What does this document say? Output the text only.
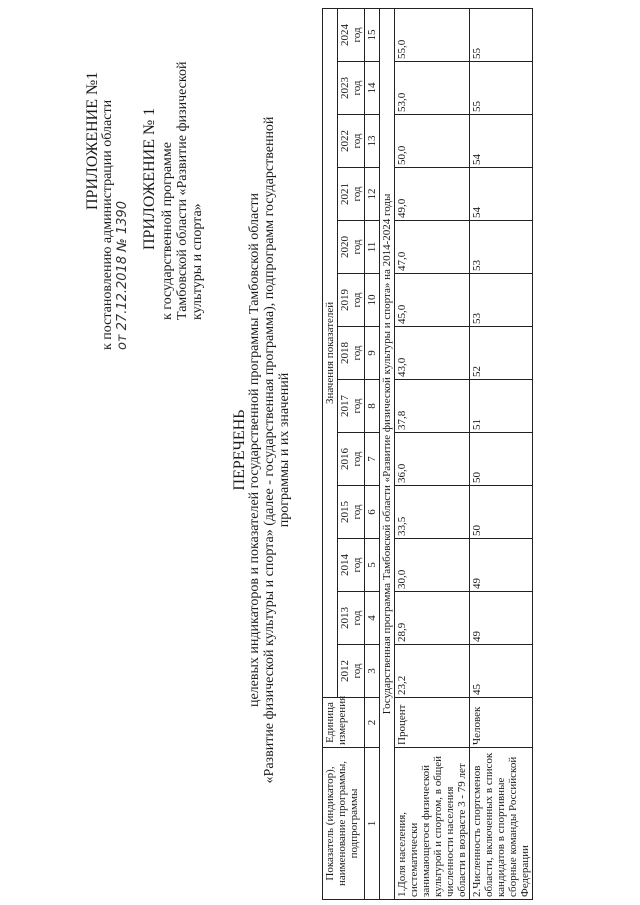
ПРИЛОЖЕНИЕ №1 к постановлению администрации области от 27.12.2018 № 1390
ПРИЛОЖЕНИЕ № 1 к государственной программе Тамбовской области «Развитие физической культуры и спорта»
ПЕРЕЧЕНЬ целевых индикаторов и показателей государственной программы Тамбовской области «Развитие физической культуры и спорта» (далее - государственная программа), подпрограмм государственной программы и их значений
Показатель (индикатор), наименование программы, подпрограммы	Единица измерения	Значения показателей												

		2012 год	2013 год	2014 год	2015 год	2016 год	2017 год	2018 год	2019 год	2020 год	2021 год	2022 год	2023 год	2024 год

1	2	3	4	5	6	7	8	9	10	11	12	13	14	15
Государственная программа Тамбовской области «Развитие физической культуры и спорта» на 2014-2024 годы														
1.Доля населения, систематически занимающегося физической культурой и спортом, в общей численности населения области в возрасте 3 - 79 лет	Процент	23,2	28,9	30,0	33,5	36,0	37,8	43,0	45,0	47,0	49,0	50,0	53,0	55,0
2.Численность спортсменов области, включенных в список кандидатов в спортивные сборные команды Российской Федерации	Человек	45	49	49	50	50	51	52	53	53	54	54	55	55
